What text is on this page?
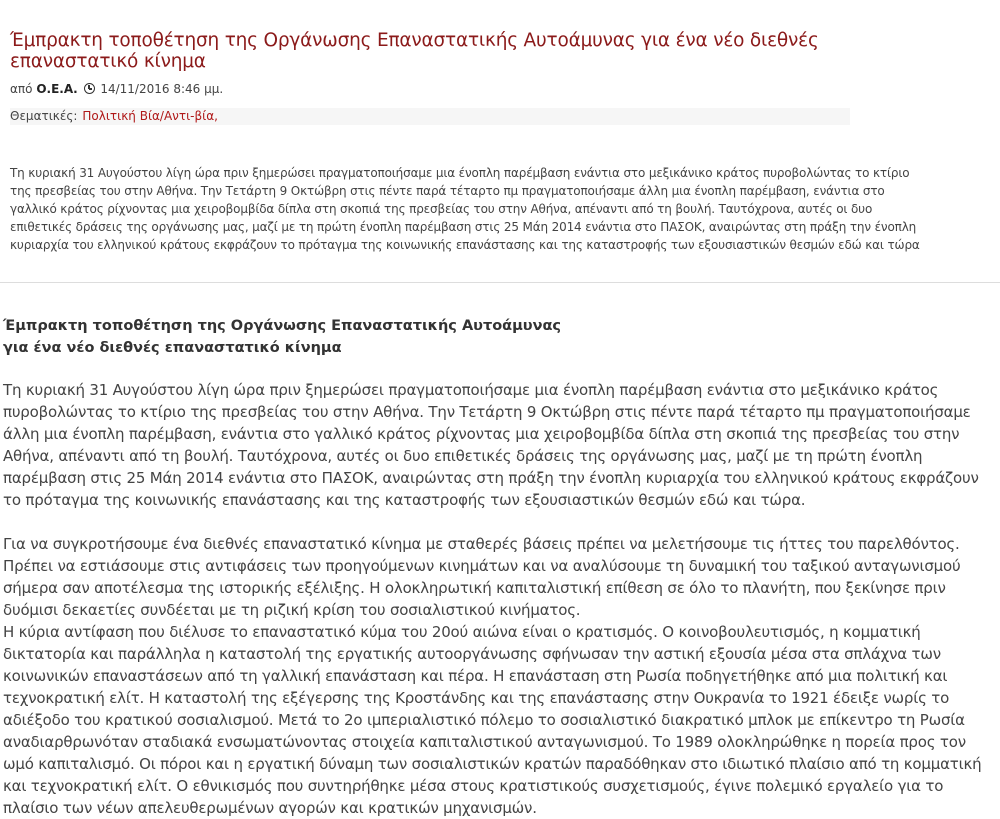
Έμπρακτη τοποθέτηση της Οργάνωσης Επαναστατικής Αυτοάμυνας για ένα νέο διεθνές επαναστατικό κίνημα
από Ο.Ε.Α. 14/11/2016 8:46 μμ.
Θεματικές: Πολιτική Βία/Αντι-βία,

Τη κυριακή 31 Αυγούστου λίγη ώρα πριν ξημερώσει πραγματοποιήσαμε μια ένοπλη παρέμβαση ενάντια στο μεξικάνικο κράτος πυροβολώντας το κτίριο της πρεσβείας του στην Αθήνα. Την Τετάρτη 9 Οκτώβρη στις πέντε παρά τέταρτο πμ πραγματοποιήσαμε άλλη μια ένοπλη παρέμβαση, ενάντια στο γαλλικό κράτος ρίχνοντας μια χειροβομβίδα δίπλα στη σκοπιά της πρεσβείας του στην Αθήνα, απέναντι από τη βουλή. Ταυτόχρονα, αυτές οι δυο επιθετικές δράσεις της οργάνωσης μας, μαζί με τη πρώτη ένοπλη παρέμβαση στις 25 Μάη 2014 ενάντια στο ΠΑΣΟΚ, αναιρώντας στη πράξη την ένοπλη κυριαρχία του ελληνικού κράτους εκφράζουν το πρόταγμα της κοινωνικής επανάστασης και της καταστροφής των εξουσιαστικών θεσμών εδώ και τώρα

Έμπρακτη τοποθέτηση της Οργάνωσης Επαναστατικής Αυτοάμυνας
για ένα νέο διεθνές επαναστατικό κίνημα

Τη κυριακή 31 Αυγούστου λίγη ώρα πριν ξημερώσει πραγματοποιήσαμε μια ένοπλη παρέμβαση ενάντια στο μεξικάνικο κράτος πυροβολώντας το κτίριο της πρεσβείας του στην Αθήνα. Την Τετάρτη 9 Οκτώβρη στις πέντε παρά τέταρτο πμ πραγματοποιήσαμε άλλη μια ένοπλη παρέμβαση, ενάντια στο γαλλικό κράτος ρίχνοντας μια χειροβομβίδα δίπλα στη σκοπιά της πρεσβείας του στην Αθήνα, απέναντι από τη βουλή. Ταυτόχρονα, αυτές οι δυο επιθετικές δράσεις της οργάνωσης μας, μαζί με τη πρώτη ένοπλη παρέμβαση στις 25 Μάη 2014 ενάντια στο ΠΑΣΟΚ, αναιρώντας στη πράξη την ένοπλη κυριαρχία του ελληνικού κράτους εκφράζουν το πρόταγμα της κοινωνικής επανάστασης και της καταστροφής των εξουσιαστικών θεσμών εδώ και τώρα.

Για να συγκροτήσουμε ένα διεθνές επαναστατικό κίνημα με σταθερές βάσεις πρέπει να μελετήσουμε τις ήττες του παρελθόντος. Πρέπει να εστιάσουμε στις αντιφάσεις των προηγούμενων κινημάτων και να αναλύσουμε τη δυναμική του ταξικού ανταγωνισμού σήμερα σαν αποτέλεσμα της ιστορικής εξέλιξης. Η ολοκληρωτική καπιταλιστική επίθεση σε όλο το πλανήτη, που ξεκίνησε πριν δυόμισι δεκαετίες συνδέεται με τη ριζική κρίση του σοσιαλιστικού κινήματος.

Η κύρια αντίφαση που διέλυσε το επαναστατικό κύμα του 20ού αιώνα είναι ο κρατισμός. Ο κοινοβουλευτισμός, η κομματική δικτατορία και παράλληλα η καταστολή της εργατικής αυτοοργάνωσης σφήνωσαν την αστική εξουσία μέσα στα σπλάχνα των κοινωνικών επαναστάσεων από τη γαλλική επανάσταση και πέρα. Η επανάσταση στη Ρωσία ποδηγετήθηκε από μια πολιτική και τεχνοκρατική ελίτ. Η καταστολή της εξέγερσης της Κροστάνδης και της επανάστασης στην Ουκρανία το 1921 έδειξε νωρίς το αδιέξοδο του κρατικού σοσιαλισμού. Μετά το 2ο ιμπεριαλιστικό πόλεμο το σοσιαλιστικό διακρατικό μπλοκ με επίκεντρο τη Ρωσία αναδιαρθρωνόταν σταδιακά ενσωματώνοντας στοιχεία καπιταλιστικού ανταγωνισμού. Το 1989 ολοκληρώθηκε η πορεία προς τον ωμό καπιταλισμό. Οι πόροι και η εργατική δύναμη των σοσιαλιστικών κρατών παραδόθηκαν στο ιδιωτικό πλαίσιο από τη κομματική και τεχνοκρατική ελίτ. Ο εθνικισμός που συντηρήθηκε μέσα στους κρατιστικούς συσχετισμούς, έγινε πολεμικό εργαλείο για το πλαίσιο των νέων απελευθερωμένων αγορών και κρατικών μηχανισμών.
